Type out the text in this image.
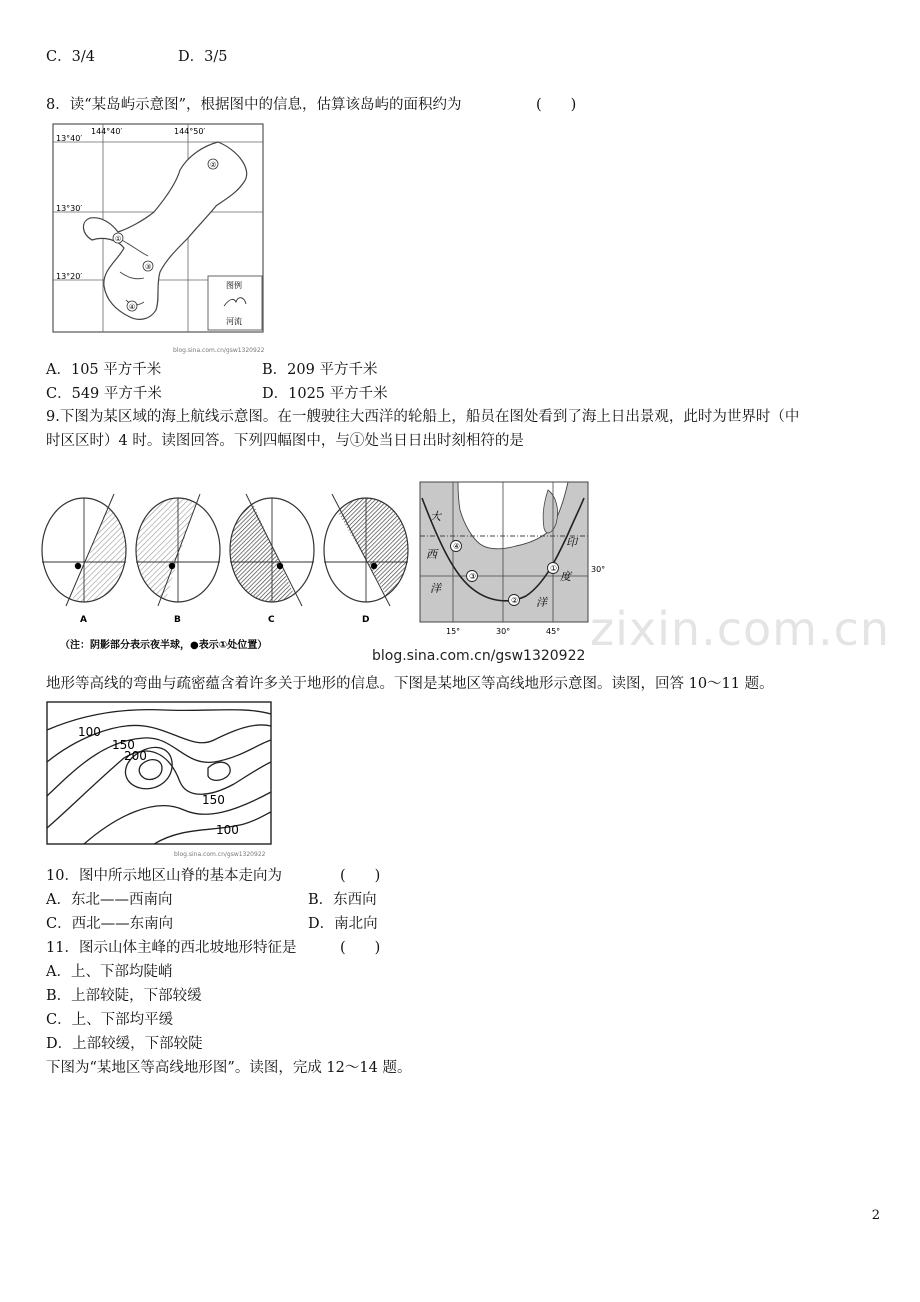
C．3/4	D．3/5
8．读“某岛屿示意图”，根据图中的信息，估算该岛屿的面积约为	(　　)
②
①
③
④
144°40′	144°50′
13°40′
13°30′
13°20′
图例
河流
blog.sina.com.cn/gsw1320922
A．105 平方千米	B．209 平方千米
C．549 平方千米	D．1025 平方千米
9.下图为某区域的海上航线示意图。在一艘驶往大西洋的轮船上，船员在图处看到了海上日出景观，此时为世界时（中
时区区时）4 时。读图回答。下列四幅图中，与①处当日日出时刻相符的是
A	B	C	D
（注：阴影部分表示夜半球，●表示①处位置）
④
③
②
①
大
西
洋
印
度
洋
30°
15°	30°	45° zixin.com.cn
blog.sina.com.cn/gsw1320922
地形等高线的弯曲与疏密蕴含着许多关于地形的信息。下图是某地区等高线地形示意图。读图，回答 10～11 题。
100
150
200
150
100
blog.sina.com.cn/gsw1320922
10．图中所示地区山脊的基本走向为	(　　)
A．东北——西南向	B．东西向
C．西北——东南向	D．南北向
11．图示山体主峰的西北坡地形特征是	(　　)
A．上、下部均陡峭
B．上部较陡，下部较缓
C．上、下部均平缓
D．上部较缓，下部较陡
下图为“某地区等高线地形图”。读图，完成 12～14 题。
2
